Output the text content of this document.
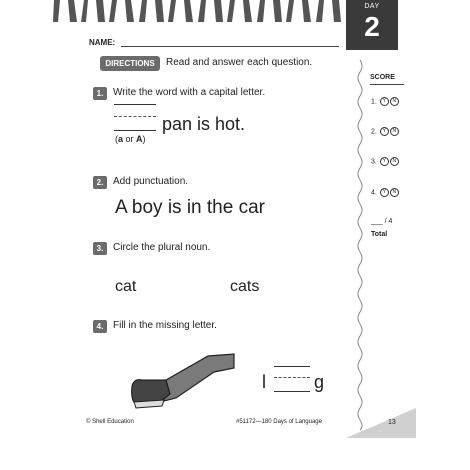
DAY
2
NAME:
DIRECTIONS	Read and answer each question.
1. Write the word with a capital letter.
pan is hot.
(a or A)
2. Add punctuation.
A boy is in the car
3. Circle the plural noun.
cat	cats
4. Fill in the missing letter.
l	g
SCORE
1. Y N
2. Y N
3. Y N
4. Y N
___ / 4
Total
© Shell Education	#51172—180 Days of Language	13
